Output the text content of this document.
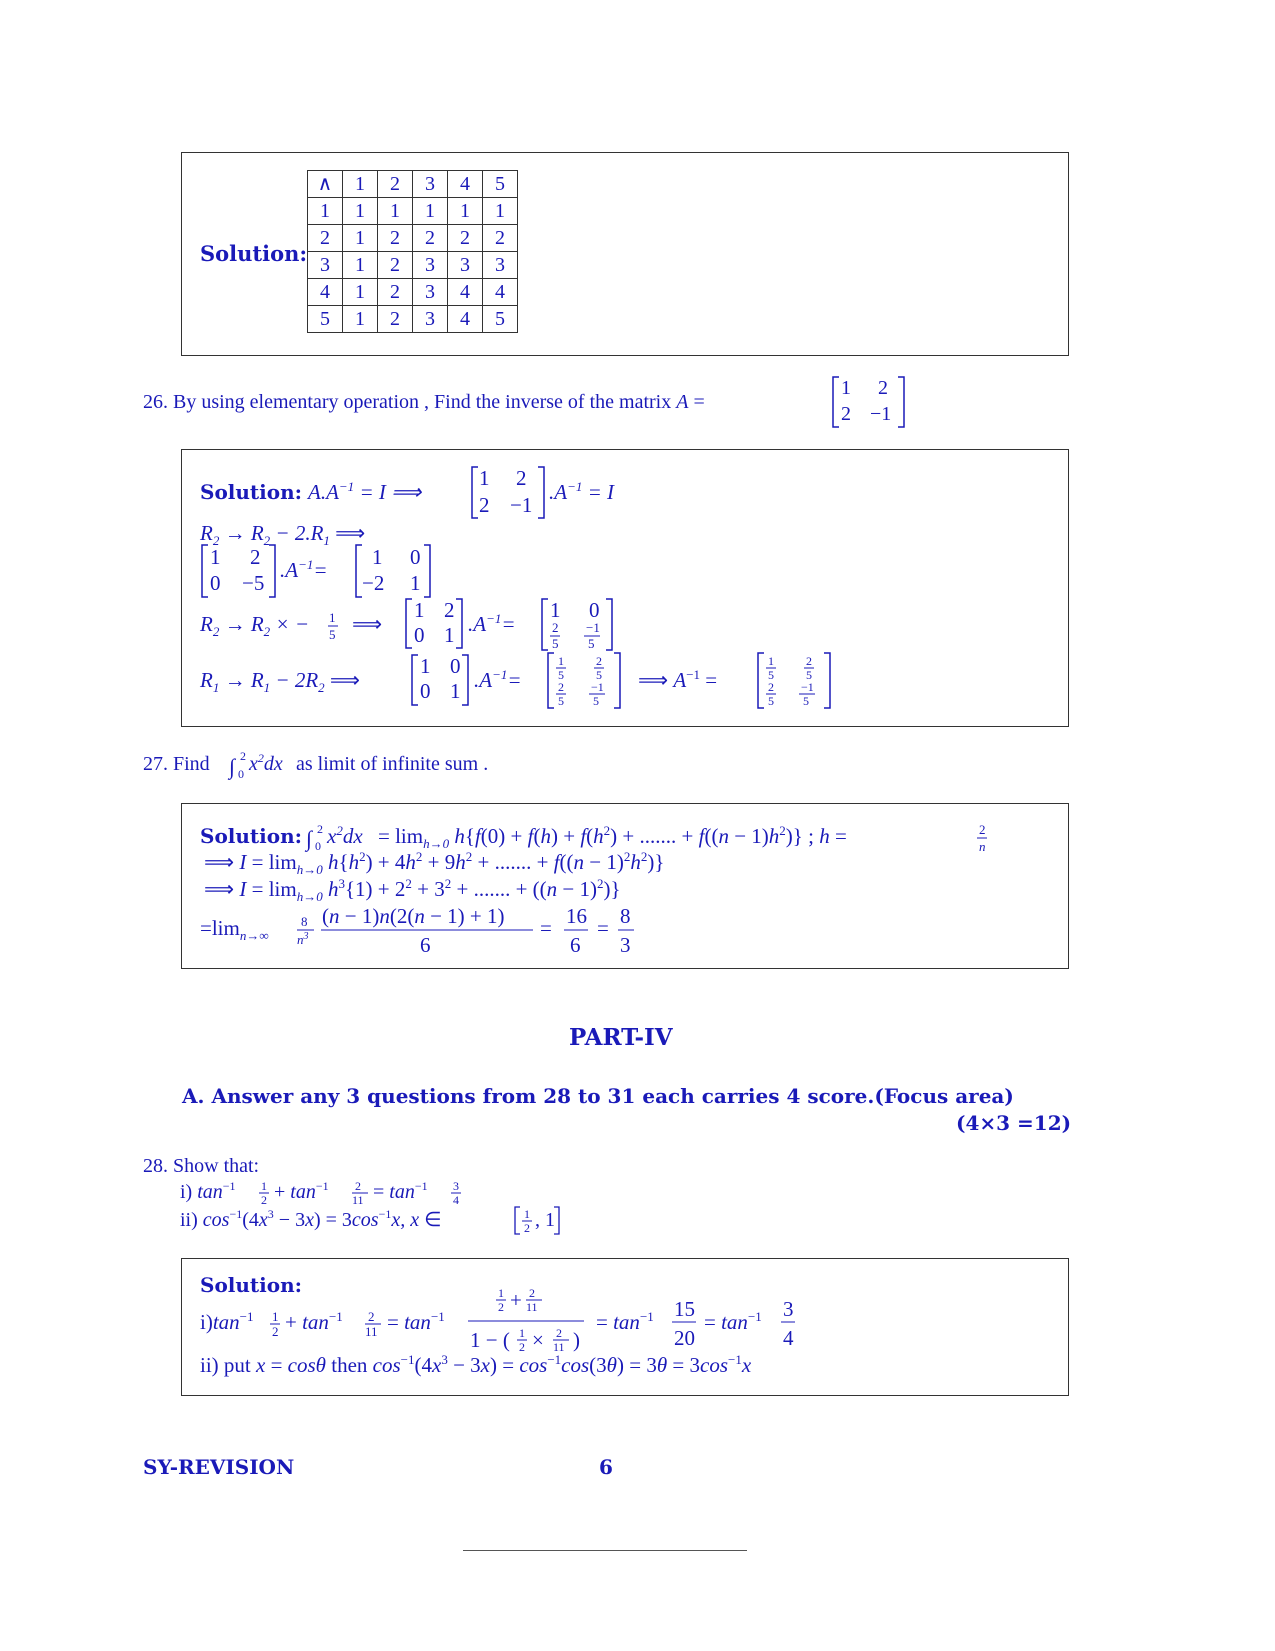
Solution:
∧	1	2	3	4	5
1	1	1	1	1	1
2	1	2	2	2	2
3	1	2	3	3	3
4	1	2	3	4	4
5	1	2	3	4	5
26. By using elementary operation , Find the inverse of the matrix A =
1 2
2 −1
Solution: $A.A^{-1} = I$ ⟹
1 2
2 −1
$.A^{-1} = I$
$R_2 \to R_2 - 2.R_1$ ⟹
1 2
0 −5
$.A^{-1}=$
1 0
−2 1
$R_2 \to R_2$ × − 1
5 ⟹
1 2
0 1 $.A^{-1}=$
1 0
2
5
−1
5
$R_1 \to R_1 - 2R_2$ ⟹
1 0
0 1 $.A^{-1}=$
1
5
2
5
2
5
−1
5
⟹ $A^{-1}$ =
1
5
2
5
2
5
−1
5
27. Find ∫ 2
0 $x^2dx$ as limit of infinite sum .
Solution: ∫ 2
0 $x^2dx = \lim_{h\to 0} h\{f(0) + f(h) + f(h^2)$ + ....... + $f((n - 1)h^2)$} ; h =	2
n
⟹ $I = \lim_{h\to 0} h\{h^2) + 4h^2 + 9h^2$ + ....... + $f((n - 1)^2h^2)$}
⟹ $I = \lim_{h\to 0} h^3\{1) + 2^2 + 3^2$ + ....... + $((n - 1)^2)$}
$=\lim_{n\to\infty}$
8
$n^3$
(n − 1)n(2(n − 1) + 1)
6
= 16
6
= 8
3
PART-IV
A. Answer any 3 questions from 28 to 31 each carries 4 score.(Focus area)
(4×3 =12)
28. Show that:
i) $\tan^{-1} 1$
$2 + \tan^{-1} 2$
$11 = \tan^{-1} 3$
4
ii) $\cos^{-1}(4x^3 - 3x) = 3\cos^{-1}x$, x ∈	1
2 , 1
Solution:
$i)\tan^{-1}$ 1
$2 + \tan^{-1} 2$
$11 = \tan^{-1}$
1
2 + 2
11
1 − ( 1
2 × 2
11 )
= $\tan^{-1} 15$
20
= $\tan^{-1} 3$
4
ii) put x = cosθ then $\cos^{-1}(4x^3 - 3x) = \cos^{-1}\cos(3\theta) = 3\theta = 3\cos^{-1}x$
SY-REVISION	6
